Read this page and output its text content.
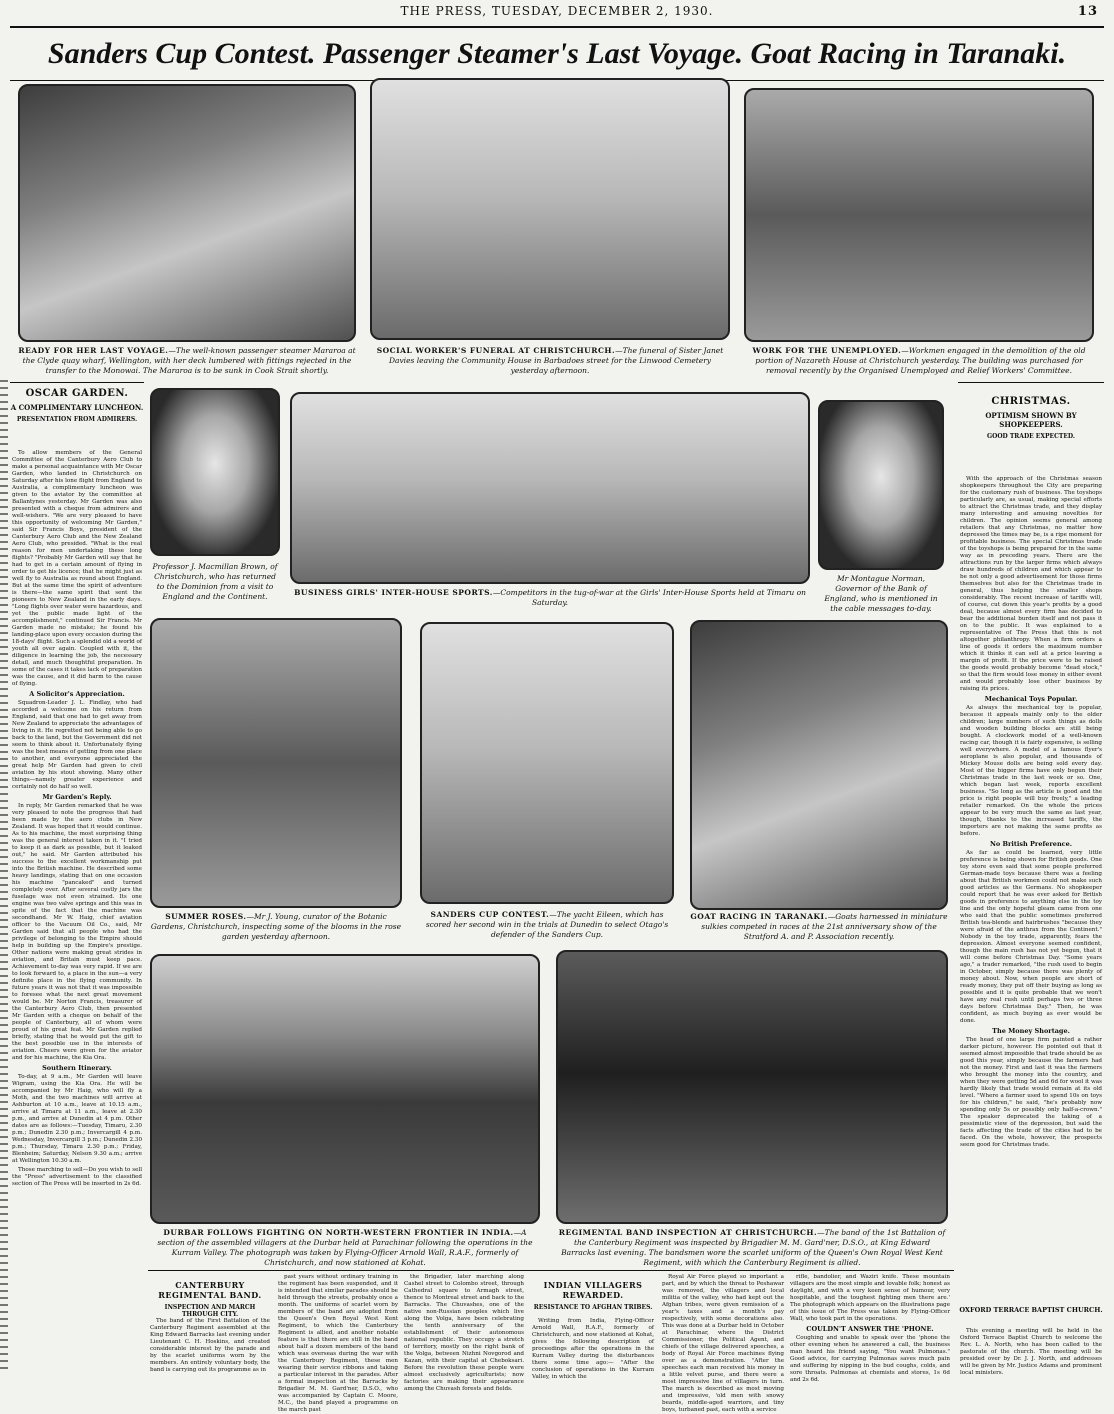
THE PRESS, TUESDAY, DECEMBER 2, 1930.	13
Sanders Cup Contest. Passenger Steamer's Last Voyage. Goat Racing in Taranaki.
READY FOR HER LAST VOYAGE.—The well-known passenger steamer Mararoa at the Clyde quay wharf, Wellington, with her deck lumbered with fittings rejected in the transfer to the Monowai. The Mararoa is to be sunk in Cook Strait shortly.
SOCIAL WORKER'S FUNERAL AT CHRISTCHURCH.—The funeral of Sister Janet Davies leaving the Community House in Barbadoes street for the Linwood Cemetery yesterday afternoon.
WORK FOR THE UNEMPLOYED.—Workmen engaged in the demolition of the old portion of Nazareth House at Christchurch yesterday. The building was purchased for removal recently by the Organised Unemployed and Relief Workers' Committee.
OSCAR GARDEN.
A COMPLIMENTARY LUNCHEON.
PRESENTATION FROM ADMIRERS.

To allow members of the General Committee of the Canterbury Aero Club to make a personal acquaintance with Mr Oscar Garden, who landed in Christchurch on Saturday after his lone flight from England to Australia, a complimentary luncheon was given to the aviator by the committee at Ballantynes yesterday. Mr Garden was also presented with a cheque from admirers and well-wishers. "We are very pleased to have this opportunity of welcoming Mr Garden," said Sir Francis Boys, president of the Canterbury Aero Club and the New Zealand Aero Club, who presided. "What is the real reason for men undertaking these long flights? "Probably Mr Garden will say that he had to get in a certain amount of flying in order to get his licence; that he might just as well fly to Australia as round about England. But at the same time the spirit of adventure is there—the same spirit that sent the pioneers to New Zealand in the early days. "Long flights over water were hazardous, and yet the public made light of the accomplishment," continued Sir Francis. Mr Garden made no mistake; he found his landing-place upon every occasion during the 18-days' flight. Such a splendid old a world of youth all over again. Coupled with it, the diligence in learning the job, the necessary detail, and much thoughtful preparation. In some of the cases it takes lack of preparation was the cause, and it did harm to the cause of flying.

A Solicitor's Appreciation.

Squadron-Leader J. L. Findlay, who had accorded a welcome on his return from England, said that one had to get away from New Zealand to appreciate the advantages of living in it. He regretted not being able to go back to the land, but the Government did not seem to think about it. Unfortunately flying was the best means of getting from one place to another, and everyone appreciated the great help Mr Garden had given to civil aviation by his stout showing. Many other things—namely greater experience and certainly not do half so well.

Mr Garden's Reply.

In reply, Mr Garden remarked that he was very pleased to note the progress that had been made by the aero clubs in New Zealand. It was hoped that it would continue. As to his machine, the most surprising thing was the general interest taken in it. "I tried to keep it as dark as possible, but it leaked out," he said. Mr Garden attributed his success to the excellent workmanship put into the British machine. He described some heavy landings, stating that on one occasion his machine "pancaked" and turned completely over. After several costly jars the fuselage was not even strained. Its one engine was two valve springs and this was in spite of the fact that the machine was secondhand. Mr W. Haig, chief aviation officer to the Vacuum Oil Co., said, Mr Garden said that all people who had the privilege of belonging to the Empire should help in building up the Empire's prestige. Other nations were making great strides in aviation, and Britain must keep pace. Achievement to-day was very rapid. If we are to look forward to, a place in the sun—a very definite place in the flying community. In future years it was not that it was impossible to foresee what the next great movement would be. Mr Norton Francis, treasurer of the Canterbury Aero Club, then presented Mr Garden with a cheque on behalf of the people of Canterbury, all of whom were proud of his great feat. Mr Garden replied briefly, stating that he would put the gift to the best possible use in the interests of aviation. Cheers were given for the aviator and for his machine, the Kia Ora.

Southern Itinerary.

To-day, at 9 a.m., Mr Garden will leave Wigram, using the Kia Ora. He will be accompanied by Mr Haig, who will fly a Moth, and the two machines will arrive at Ashburton at 10 a.m., leave at 10.15 a.m., arrive at Timaru at 11 a.m., leave at 2.30 p.m., and arrive at Dunedin at 4 p.m. Other dates are as follows:—Tuesday, Timaru, 2.30 p.m.; Dunedin 2.30 p.m.; Invercargill 4 p.m. Wednesday, Invercargill 3 p.m.; Dunedin 2.30 p.m.; Thursday, Timaru 2.30 p.m.; Friday, Blenheim; Saturday, Nelson 9.30 a.m.; arrive at Wellington 10.30 a.m.

Those marching to sell—Do you wish to sell the "Press" advertisement to the classified section of The Press will be inserted in 2s 6d.

Professor J. Macmillan Brown, of Christchurch, who has returned to the Dominion from a visit to England and the Continent.	BUSINESS GIRLS' INTER-HOUSE SPORTS.—Competitors in the tug-of-war at the Girls' Inter-House Sports held at Timaru on Saturday.
Mr Montague Norman, Governor of the Bank of England, who is mentioned in the cable messages to-day.
CHRISTMAS.
OPTIMISM SHOWN BY SHOPKEEPERS.
GOOD TRADE EXPECTED.

With the approach of the Christmas season shopkeepers throughout the City are preparing for the customary rush of business. The toyshops particularly are, as usual, making special efforts to attract the Christmas trade, and they display many interesting and amusing novelties for children. The opinion seems general among retailers that any Christmas, no matter how depressed the times may be, is a ripe moment for profitable business. The special Christmas trade of the toyshops is being prepared for in the same way as in preceding years. There are the attractions run by the larger firms which always draw hundreds of children and which appear to be not only a good advertisement for those firms themselves but also for the Christmas trade in general, thus helping the smaller shops considerably. The recent increase of tariffs will, of course, cut down this year's profits by a good deal, because almost every firm has decided to bear the additional burden itself and not pass it on to the public. It was explained to a representative of The Press that this is not altogether philanthropy. When a firm orders a line of goods it orders the maximum number which it thinks it can sell at a price leaving a margin of profit. If the price were to be raised the goods would probably become "dead stock," so that the firm would lose money in either event and would probably lose other business by raising its prices.

Mechanical Toys Popular.

As always the mechanical toy is popular, because it appeals mainly only to the older children; large numbers of such things as dolls and wooden building blocks are still being bought. A clockwork model of a well-known racing car, though it is fairly expensive, is selling well everywhere. A model of a famous flyer's aeroplane is also popular, and thousands of Mickey Mouse dolls are being sold every day. Most of the bigger firms have only begun their Christmas trade in the last week or so. One, which began last week, reports excellent business. "So long as the article is good and the price is right people will buy freely," a leading retailer remarked. On the whole the prices appear to be very much the same as last year, though, thanks to the increased tariffs, the importers are not making the same profits as before.

No British Preference.

As far as could be learned, very little preference is being shown for British goods. One toy store even said that some people preferred German-made toys because there was a feeling about that British workmen could not make such good articles as the Germans. No shopkeeper could report that he was ever asked for British goods in preference to anything else in the toy line and the only hopeful gleam came from one who said that the public sometimes preferred British tea-blends and hairbrushes "because they were afraid of the anthrax from the Continent." Nobody in the toy trade, apparently, fears the depression. Almost everyone seemed confident, though the main rush has not yet begun, that it will come before Christmas Day. "Some years ago," a trader remarked, "the rush used to begin in October, simply because there was plenty of money about. Now, when people are short of ready money, they put off their buying as long as possible and it is quite probable that we won't have any real rush until perhaps two or three days before Christmas Day." Then, he was confident, as much buying as ever would be done.

The Money Shortage.

The head of one large firm painted a rather darker picture, however. He pointed out that it seemed almost impossible that trade should be as good this year, simply because the farmers had not the money. First and last it was the farmers who brought the money into the country, and when they were getting 5d and 6d for wool it was hardly likely that trade would remain at its old level. "Where a farmer used to spend 10s on toys for his children," he said, "he's probably now spending only 5s or possibly only half-a-crown." The speaker deprecated the taking of a pessimistic view of the depression, but said the facts affecting the trade of the cities had to be faced. On the whole, however, the prospects seem good for Christmas trade.

OXFORD TERRACE BAPTIST CHURCH.

This evening a meeting will be held in the Oxford Terrace Baptist Church to welcome the Rev. L. A. North, who has been called to the pastorate of the church. The meeting will be presided over by Dr. J. J. North, and addresses will be given by Mr. Justice Adams and prominent local ministers.

SUMMER ROSES.—Mr J. Young, curator of the Botanic Gardens, Christchurch, inspecting some of the blooms in the rose garden yesterday afternoon.
SANDERS CUP CONTEST.—The yacht Eileen, which has scored her second win in the trials at Dunedin to select Otago's defender of the Sanders Cup.
GOAT RACING IN TARANAKI.—Goats harnessed in miniature sulkies competed in races at the 21st anniversary show of the Stratford A. and P. Association recently.
DURBAR FOLLOWS FIGHTING ON NORTH-WESTERN FRONTIER IN INDIA.—A section of the assembled villagers at the Durbar held at Parachinar following the operations in the Kurram Valley. The photograph was taken by Flying-Officer Arnold Wall, R.A.F., formerly of Christchurch, and now stationed at Kohat.
REGIMENTAL BAND INSPECTION AT CHRISTCHURCH.—The band of the 1st Battalion of the Canterbury Regiment was inspected by Brigadier M. M. Gard'ner, D.S.O., at King Edward Barracks last evening. The bandsmen wore the scarlet uniform of the Queen's Own Royal West Kent Regiment, with which the Canterbury Regiment is allied.
CANTERBURY REGIMENTAL BAND.
INSPECTION AND MARCH THROUGH CITY.

The band of the First Battalion of the Canterbury Regiment assembled at the King Edward Barracks last evening under Lieutenant C. H. Hoskins, and created considerable interest by the parade and by the scarlet uniforms worn by the members. An entirely voluntary body, the band is carrying out its programme as in

past years without ordinary training in the regiment has been suspended, and it is intended that similar parades should be held through the streets, probably once a month. The uniforms of scarlet worn by members of the band are adopted from the Queen's Own Royal West Kent Regiment, to which the Canterbury Regiment is allied, and another notable feature is that there are still in the band about half a dozen members of the band which was overseas during the war with the Canterbury Regiment, these men wearing their service ribbons and taking a particular interest in the parades. After a formal inspection at the Barracks by Brigadier M. M. Gard'ner, D.S.O., who was accompanied by Captain C. Moore, M.C., the band played a programme on the march past

the Brigadier, later marching along Cashel street to Colombo street, through Cathedral square to Armagh street, thence to Montreal street and back to the Barracks. The Chuvashes, one of the native non-Russian peoples which live along the Volga, have been celebrating the tenth anniversary of the establishment of their autonomous national republic. They occupy a stretch of territory, mostly on the right bank of the Volga, between Nizhni Novgorod and Kazan, with their capital at Cheboksari. Before the revolution these people were almost exclusively agriculturists; now factories are making their appearance among the Chuvash forests and fields.

INDIAN VILLAGERS REWARDED.
RESISTANCE TO AFGHAN TRIBES.

Writing from India, Flying-Officer Arnold Wall, R.A.F., formerly of Christchurch, and now stationed at Kohat, gives the following description of proceedings after the operations in the Kurram Valley during the disturbances there some time ago:— "After the conclusion of operations in the Kurram Valley, in which the

Royal Air Force played so important a part, and by which the threat to Peshawar was removed, the villagers and local militia of the valley, who had kept out the Afghan tribes, were given remission of a year's taxes and a month's pay respectively, with some decorations also. This was done at a Durbar held in October at Parachinar, where the District Commissioner, the Political Agent, and chiefs of the village delivered speeches, a body of Royal Air Force machines flying over as a demonstration. "After the speeches each man received his money in a little velvet purse, and there were a most impressive line of villagers in turn. The march is described as most moving and impressive, 'old men with snowy beards, middle-aged warriors, and tiny boys, turbaned past, each with a service

rifle, bandolier, and Waziri knife. These mountain villagers are the most simple and lovable folk; honest as daylight, and with a very keen sense of humour, very hospitable, and the toughest fighting men there are.' The photograph which appears on the illustrations page of this issue of The Press was taken by Flying-Officer Wall, who took part in the operations.

COULDN'T ANSWER THE 'PHONE.

Coughing and unable to speak over the 'phone the other evening when he answered a call, the business man heard his friend saying, "You want Pulmonas." Good advice, for carrying Pulmonas saves much pain and suffering by nipping in the bud coughs, colds, and sore throats. Pulmonas at chemists and stores, 1s 6d and 2s 6d.
